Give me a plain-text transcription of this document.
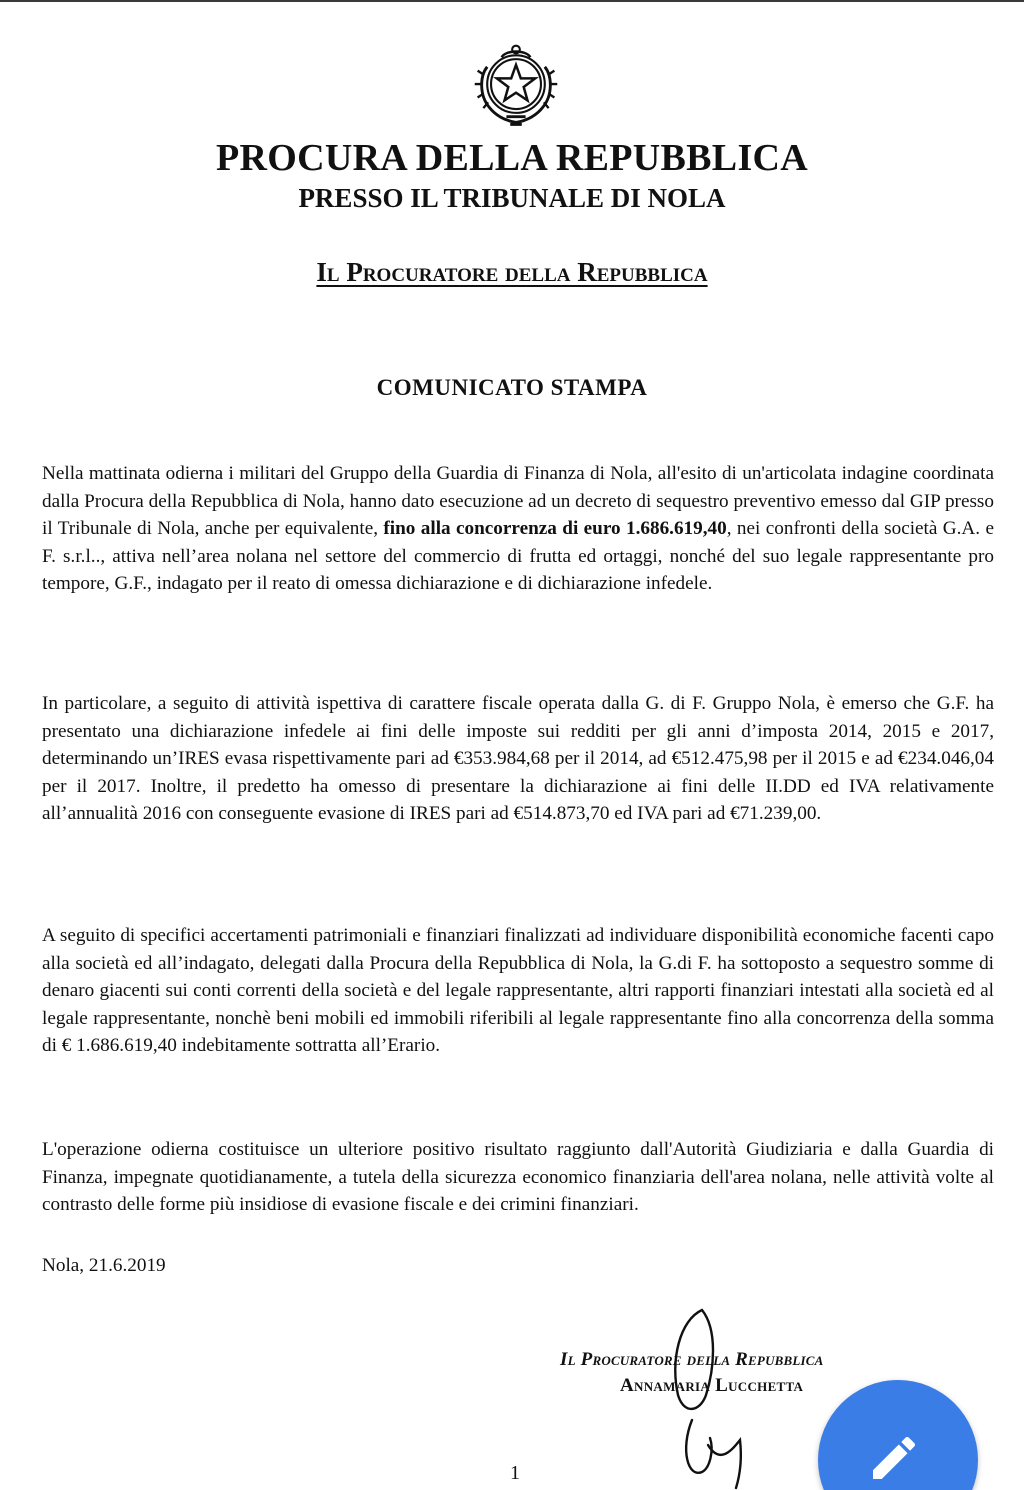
PROCURA DELLA REPUBBLICA
PRESSO IL TRIBUNALE DI NOLA
Il Procuratore della Repubblica
COMUNICATO STAMPA

Nella mattinata odierna i militari del Gruppo della Guardia di Finanza di Nola, all'esito di un'articolata indagine coordinata dalla Procura della Repubblica di Nola, hanno dato esecuzione ad un decreto di sequestro preventivo emesso dal GIP presso il Tribunale di Nola, anche per equivalente, fino alla concorrenza di euro 1.686.619,40, nei confronti della società G.A. e F. s.r.l.., attiva nell’area nolana nel settore del commercio di frutta ed ortaggi, nonché del suo legale rappresentante pro tempore, G.F., indagato per il reato di omessa dichiarazione e di dichiarazione infedele.

In particolare, a seguito di attività ispettiva di carattere fiscale operata dalla G. di F. Gruppo Nola, è emerso che G.F. ha presentato una dichiarazione infedele ai fini delle imposte sui redditi per gli anni d’imposta 2014, 2015 e 2017, determinando un’IRES evasa rispettivamente pari ad €353.984,68 per il 2014, ad €512.475,98 per il 2015 e ad €234.046,04 per il 2017. Inoltre, il predetto ha omesso di presentare la dichiarazione ai fini delle II.DD ed IVA relativamente all’annualità 2016 con conseguente evasione di IRES pari ad €514.873,70 ed IVA pari ad €71.239,00.

A seguito di specifici accertamenti patrimoniali e finanziari finalizzati ad individuare disponibilità economiche facenti capo alla società ed all’indagato, delegati dalla Procura della Repubblica di Nola, la G.di F. ha sottoposto a sequestro somme di denaro giacenti sui conti correnti della società e del legale rappresentante, altri rapporti finanziari intestati alla società ed al legale rappresentante, nonchè beni mobili ed immobili riferibili al legale rappresentante fino alla concorrenza della somma di € 1.686.619,40 indebitamente sottratta all’Erario.

L'operazione odierna costituisce un ulteriore positivo risultato raggiunto dall'Autorità Giudiziaria e dalla Guardia di Finanza, impegnate quotidianamente, a tutela della sicurezza economico finanziaria dell'area nolana, nelle attività volte al contrasto delle forme più insidiose di evasione fiscale e dei crimini finanziari.

Nola, 21.6.2019
Il Procuratore della Repubblica
Annamaria Lucchetta
1
